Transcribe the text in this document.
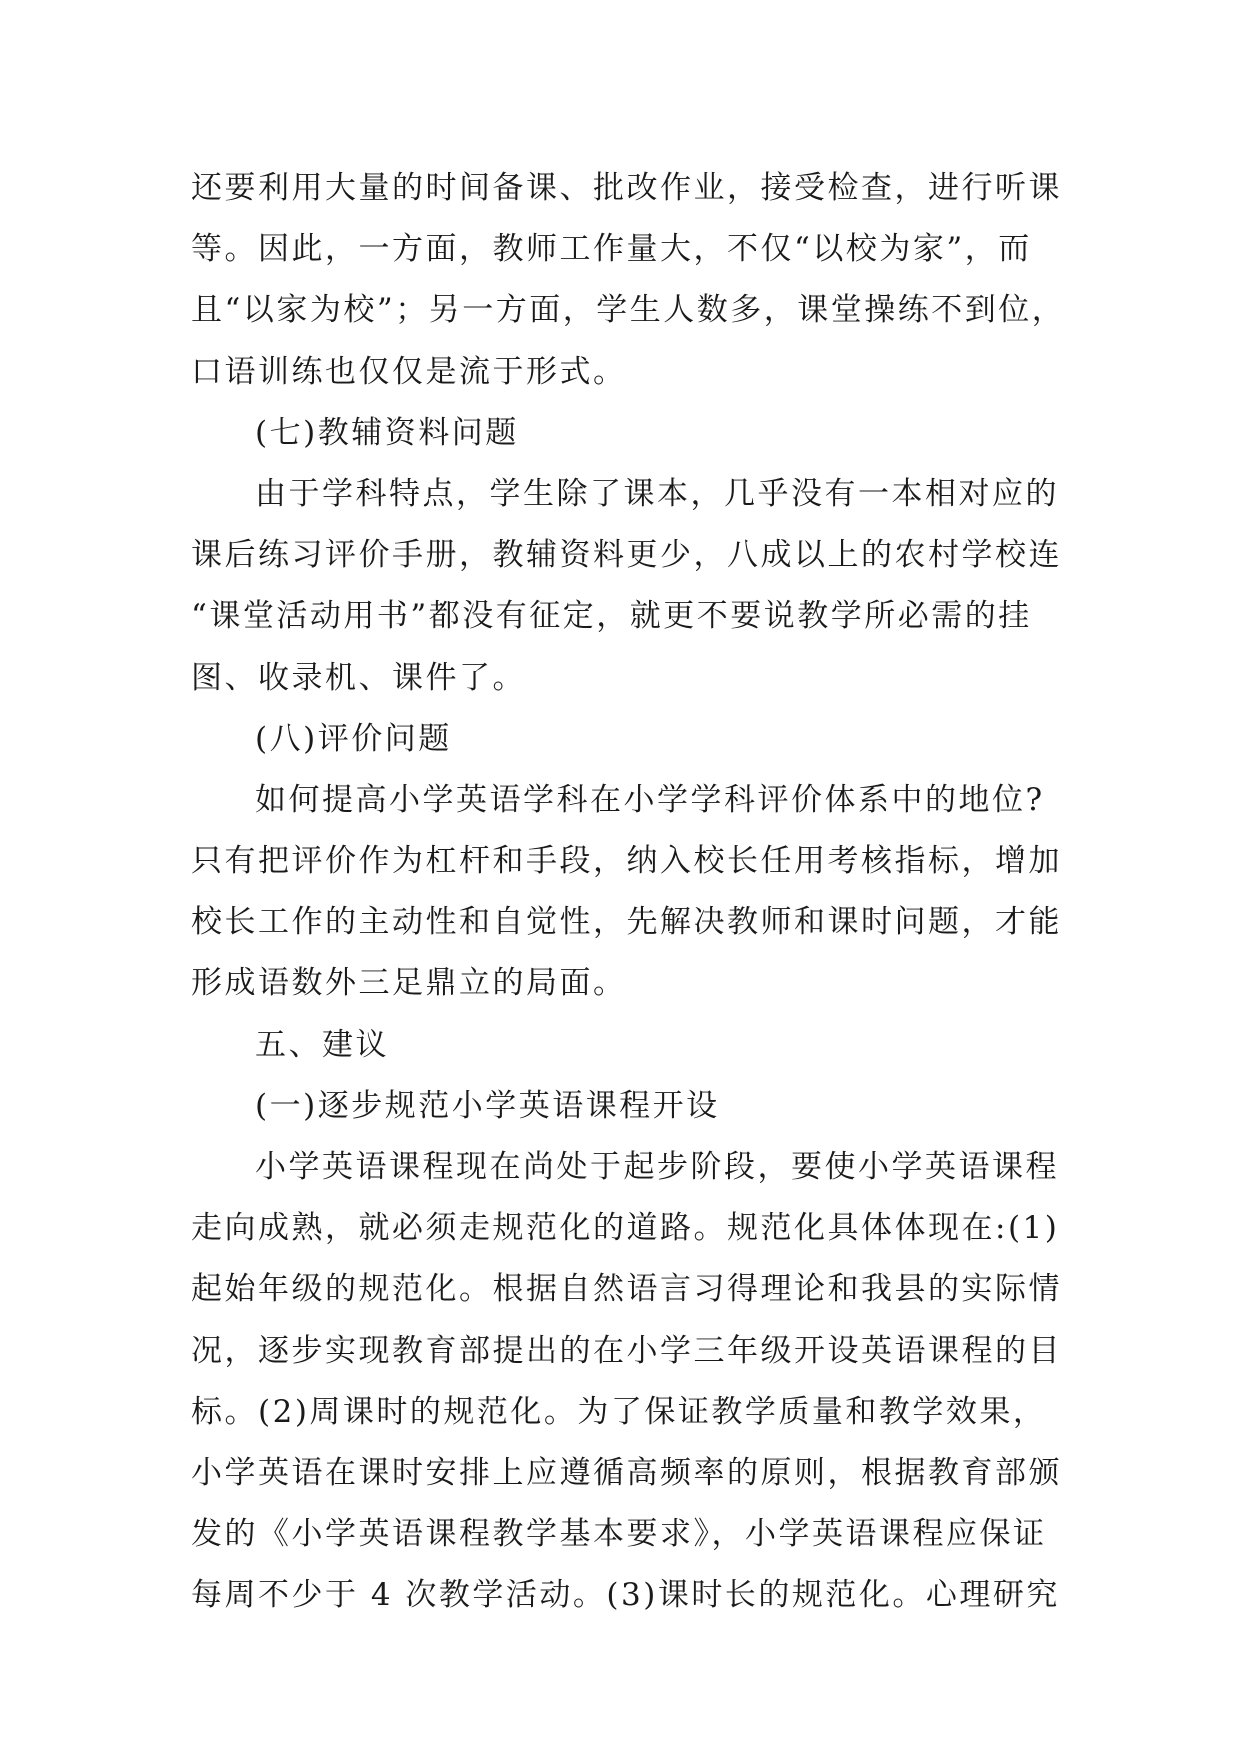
还要利用大量的时间备课、批改作业，接受检查，进行听课
等。因此，一方面，教师工作量大，不仅“以校为家”，而
且“以家为校”；另一方面，学生人数多，课堂操练不到位，
口语训练也仅仅是流于形式。
(七)教辅资料问题
由于学科特点，学生除了课本，几乎没有一本相对应的
课后练习评价手册，教辅资料更少，八成以上的农村学校连
“课堂活动用书”都没有征定，就更不要说教学所必需的挂
图、收录机、课件了。
(八)评价问题
如何提高小学英语学科在小学学科评价体系中的地位?
只有把评价作为杠杆和手段，纳入校长任用考核指标，增加
校长工作的主动性和自觉性，先解决教师和课时问题，才能
形成语数外三足鼎立的局面。
五、建议
(一)逐步规范小学英语课程开设
小学英语课程现在尚处于起步阶段，要使小学英语课程
走向成熟，就必须走规范化的道路。规范化具体体现在:(1)
起始年级的规范化。根据自然语言习得理论和我县的实际情
况，逐步实现教育部提出的在小学三年级开设英语课程的目
标。(2)周课时的规范化。为了保证教学质量和教学效果，
小学英语在课时安排上应遵循高频率的原则，根据教育部颁
发的《小学英语课程教学基本要求》，小学英语课程应保证
每周不少于 4 次教学活动。(3)课时长的规范化。心理研究
